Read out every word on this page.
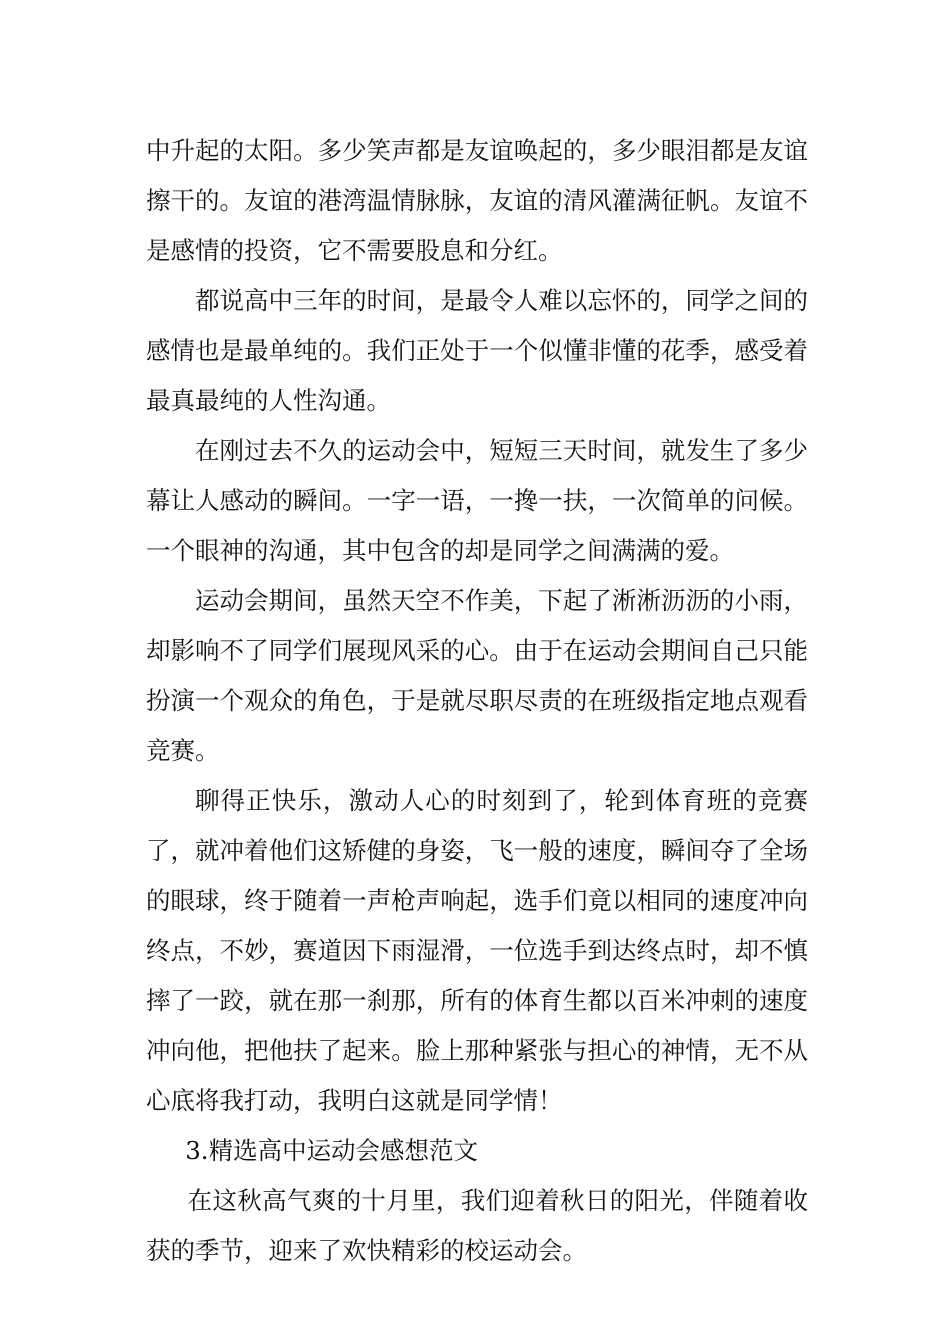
中升起的太阳。多少笑声都是友谊唤起的，多少眼泪都是友谊擦干的。友谊的港湾温情脉脉，友谊的清风灌满征帆。友谊不是感情的投资，它不需要股息和分红。

都说高中三年的时间，是最令人难以忘怀的，同学之间的感情也是最单纯的。我们正处于一个似懂非懂的花季，感受着最真最纯的人性沟通。

在刚过去不久的运动会中，短短三天时间，就发生了多少幕让人感动的瞬间。一字一语，一搀一扶，一次简单的问候。一个眼神的沟通，其中包含的却是同学之间满满的爱。

运动会期间，虽然天空不作美，下起了淅淅沥沥的小雨，却影响不了同学们展现风采的心。由于在运动会期间自己只能扮演一个观众的角色，于是就尽职尽责的在班级指定地点观看竞赛。

聊得正快乐，激动人心的时刻到了，轮到体育班的竞赛了，就冲着他们这矫健的身姿，飞一般的速度，瞬间夺了全场的眼球，终于随着一声枪声响起，选手们竟以相同的速度冲向终点，不妙，赛道因下雨湿滑，一位选手到达终点时，却不慎摔了一跤，就在那一刹那，所有的体育生都以百米冲刺的速度冲向他，把他扶了起来。脸上那种紧张与担心的神情，无不从心底将我打动，我明白这就是同学情！

3.精选高中运动会感想范文

在这秋高气爽的十月里，我们迎着秋日的阳光，伴随着收获的季节，迎来了欢快精彩的校运动会。
